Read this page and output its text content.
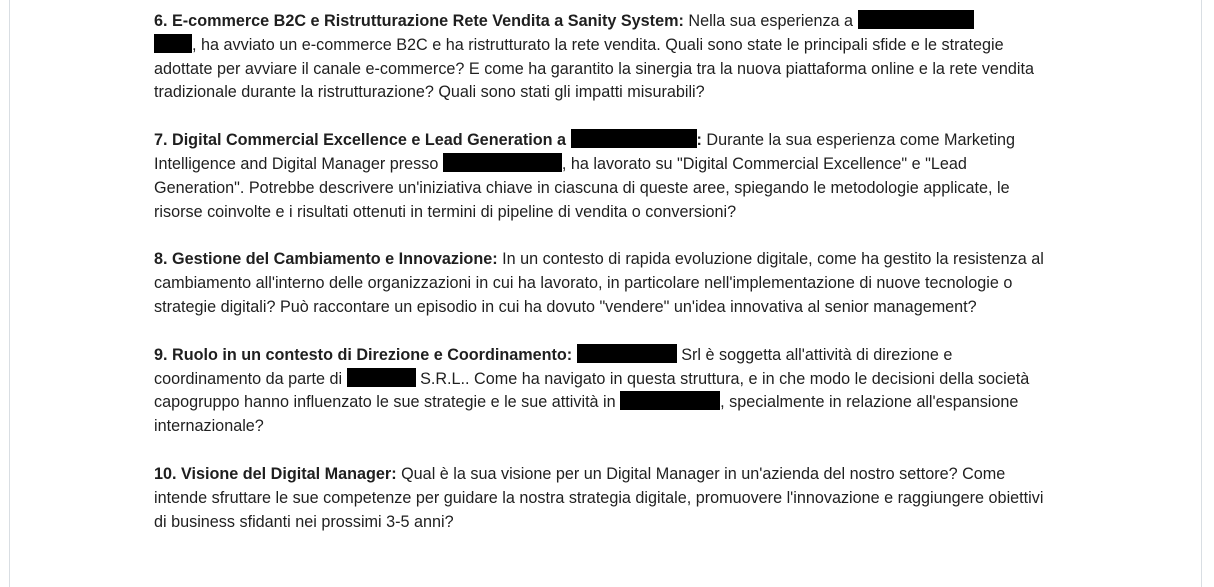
6. E-commerce B2C e Ristrutturazione Rete Vendita a Sanity System: Nella sua esperienza a
, ha avviato un e-commerce B2C e ha ristrutturato la rete vendita. Quali sono state le principali sfide e le strategie adottate per avviare il canale e-commerce? E come ha garantito la sinergia tra la nuova piattaforma online e la rete vendita tradizionale durante la ristrutturazione? Quali sono stati gli impatti misurabili?

7. Digital Commercial Excellence e Lead Generation a	: Durante la sua esperienza come Marketing Intelligence and Digital Manager presso	, ha lavorato su "Digital Commercial Excellence" e "Lead Generation". Potrebbe descrivere un'iniziativa chiave in ciascuna di queste aree, spiegando le metodologie applicate, le risorse coinvolte e i risultati ottenuti in termini di pipeline di vendita o conversioni?

8. Gestione del Cambiamento e Innovazione: In un contesto di rapida evoluzione digitale, come ha gestito la resistenza al cambiamento all'interno delle organizzazioni in cui ha lavorato, in particolare nell'implementazione di nuove tecnologie o strategie digitali? Può raccontare un episodio in cui ha dovuto "vendere" un'idea innovativa al senior management?

9. Ruolo in un contesto di Direzione e Coordinamento:	Srl è soggetta all'attività di direzione e coordinamento da parte di	S.R.L.. Come ha navigato in questa struttura, e in che modo le decisioni della società capogruppo hanno influenzato le sue strategie e le sue attività in	, specialmente in relazione all'espansione internazionale?

10. Visione del Digital Manager: Qual è la sua visione per un Digital Manager in un'azienda del nostro settore? Come intende sfruttare le sue competenze per guidare la nostra strategia digitale, promuovere l'innovazione e raggiungere obiettivi di business sfidanti nei prossimi 3-5 anni?
